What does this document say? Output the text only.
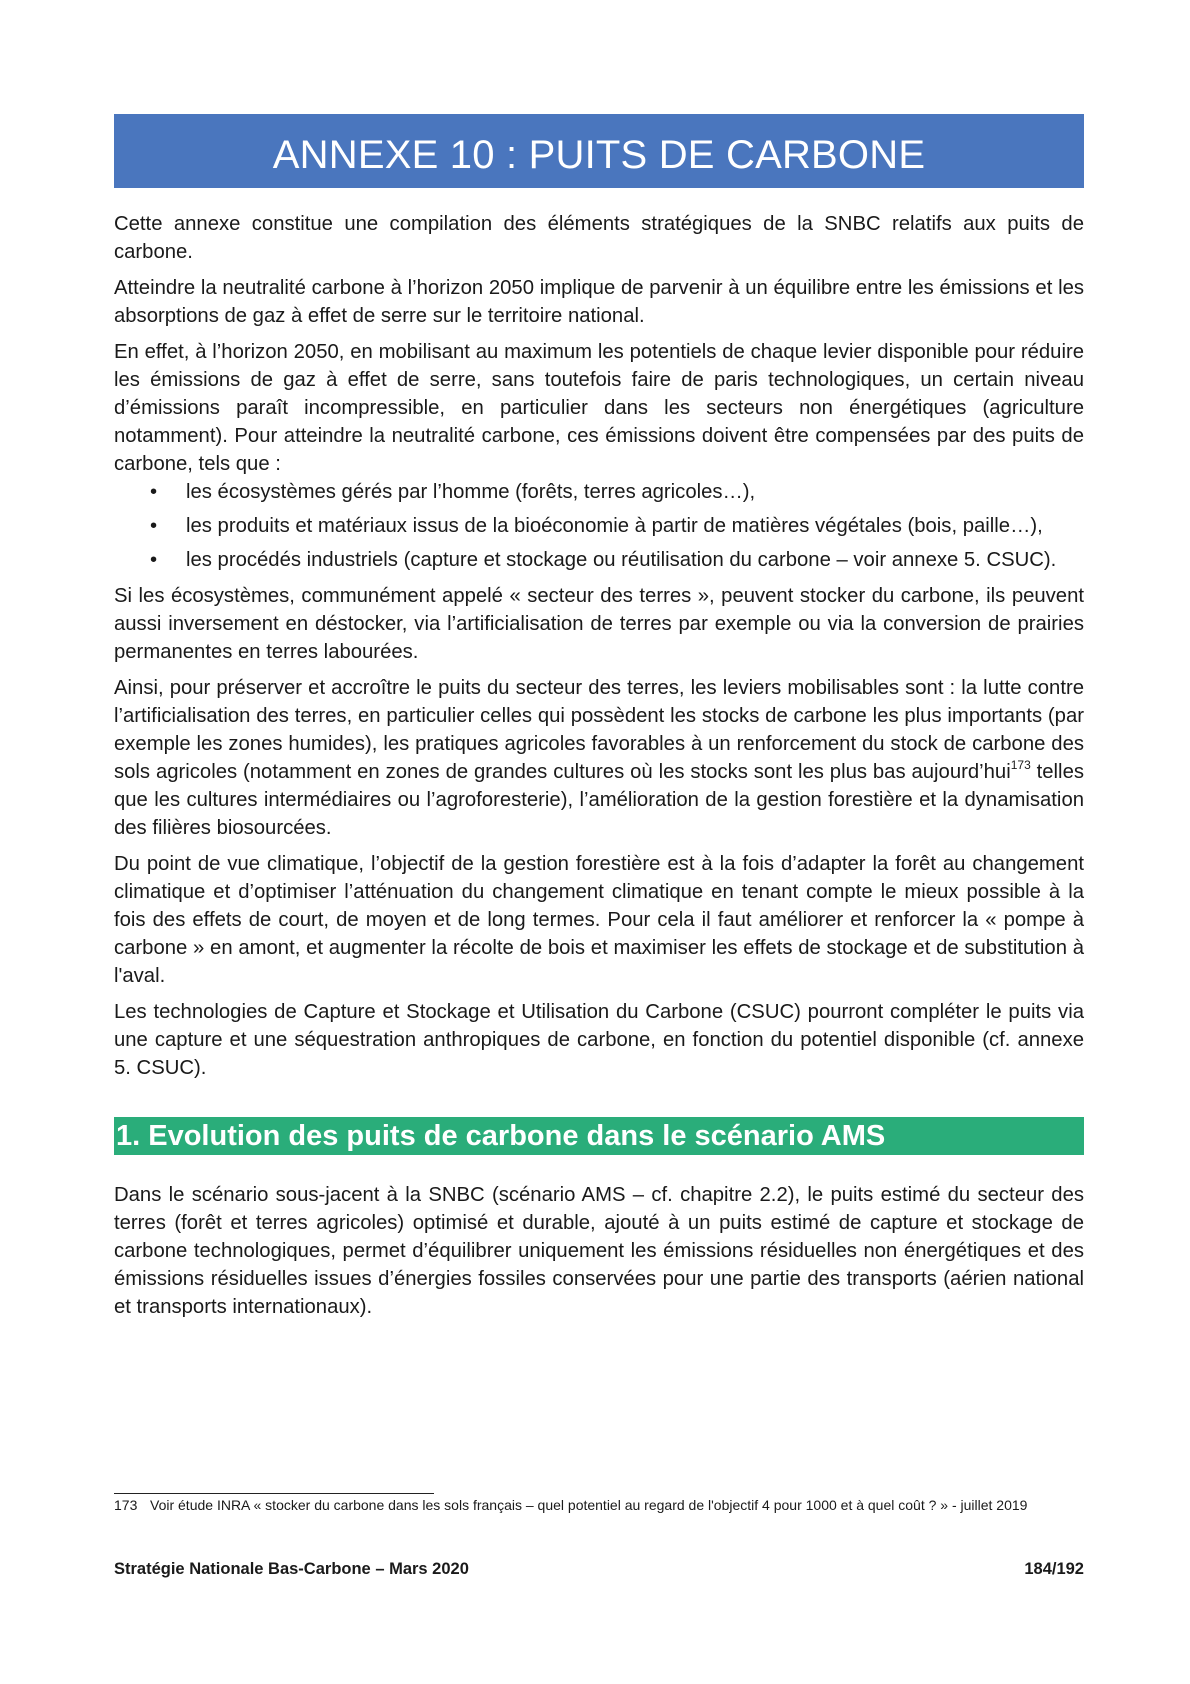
ANNEXE 10 : PUITS DE CARBONE

Cette annexe constitue une compilation des éléments stratégiques de la SNBC relatifs aux puits de carbone.

Atteindre la neutralité carbone à l’horizon 2050 implique de parvenir à un équilibre entre les émissions et les absorptions de gaz à effet de serre sur le territoire national.

En effet, à l’horizon 2050, en mobilisant au maximum les potentiels de chaque levier disponible pour réduire les émissions de gaz à effet de serre, sans toutefois faire de paris technologiques, un certain niveau d’émissions paraît incompressible, en particulier dans les secteurs non énergétiques (agriculture notamment). Pour atteindre la neutralité carbone, ces émissions doivent être compensées par des puits de carbone, tels que :

• les écosystèmes gérés par l’homme (forêts, terres agricoles…),
• les produits et matériaux issus de la bioéconomie à partir de matières végétales (bois, paille…),
• les procédés industriels (capture et stockage ou réutilisation du carbone – voir annexe 5. CSUC).

Si les écosystèmes, communément appelé « secteur des terres », peuvent stocker du carbone, ils peuvent aussi inversement en déstocker, via l’artificialisation de terres par exemple ou via la conversion de prairies permanentes en terres labourées.

Ainsi, pour préserver et accroître le puits du secteur des terres, les leviers mobilisables sont : la lutte contre l’artificialisation des terres, en particulier celles qui possèdent les stocks de carbone les plus importants (par exemple les zones humides), les pratiques agricoles favorables à un renforcement du stock de carbone des sols agricoles (notamment en zones de grandes cultures où les stocks sont les plus bas aujourd’hui$^{173}$ telles que les cultures intermédiaires ou l’agroforesterie), l’amélioration de la gestion forestière et la dynamisation des filières biosourcées.

Du point de vue climatique, l’objectif de la gestion forestière est à la fois d’adapter la forêt au changement climatique et d’optimiser l’atténuation du changement climatique en tenant compte le mieux possible à la fois des effets de court, de moyen et de long termes. Pour cela il faut améliorer et renforcer la « pompe à carbone » en amont, et augmenter la récolte de bois et maximiser les effets de stockage et de substitution à l'aval.

Les technologies de Capture et Stockage et Utilisation du Carbone (CSUC) pourront compléter le puits via une capture et une séquestration anthropiques de carbone, en fonction du potentiel disponible (cf. annexe 5. CSUC).

1. Evolution des puits de carbone dans le scénario AMS

Dans le scénario sous-jacent à la SNBC (scénario AMS – cf. chapitre 2.2), le puits estimé du secteur des terres (forêt et terres agricoles) optimisé et durable, ajouté à un puits estimé de capture et stockage de carbone technologiques, permet d’équilibrer uniquement les émissions résiduelles non énergétiques et des émissions résiduelles issues d’énergies fossiles conservées pour une partie des transports (aérien national et transports internationaux).

173 Voir étude INRA « stocker du carbone dans les sols français – quel potentiel au regard de l'objectif 4 pour 1000 et à quel coût ? » - juillet 2019
Stratégie Nationale Bas-Carbone – Mars 2020	184/192
